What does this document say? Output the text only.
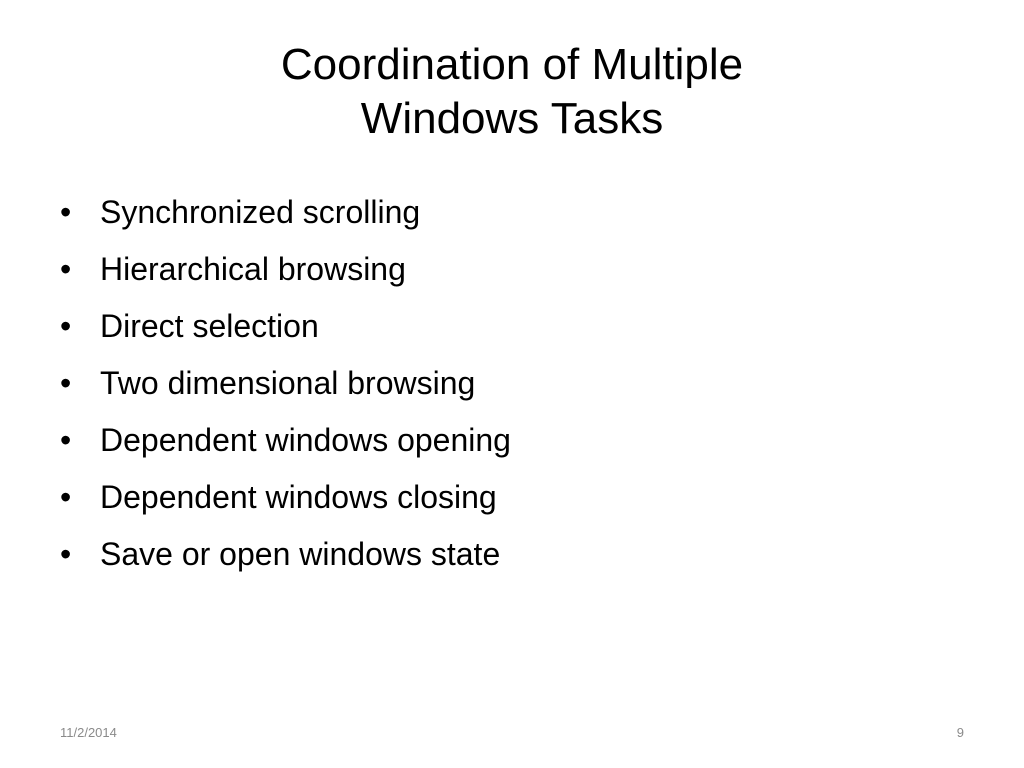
Coordination of Multiple
Windows Tasks
• Synchronized scrolling
• Hierarchical browsing
• Direct selection
• Two dimensional browsing
• Dependent windows opening
• Dependent windows closing
• Save or open windows state
11/2/2014	9
